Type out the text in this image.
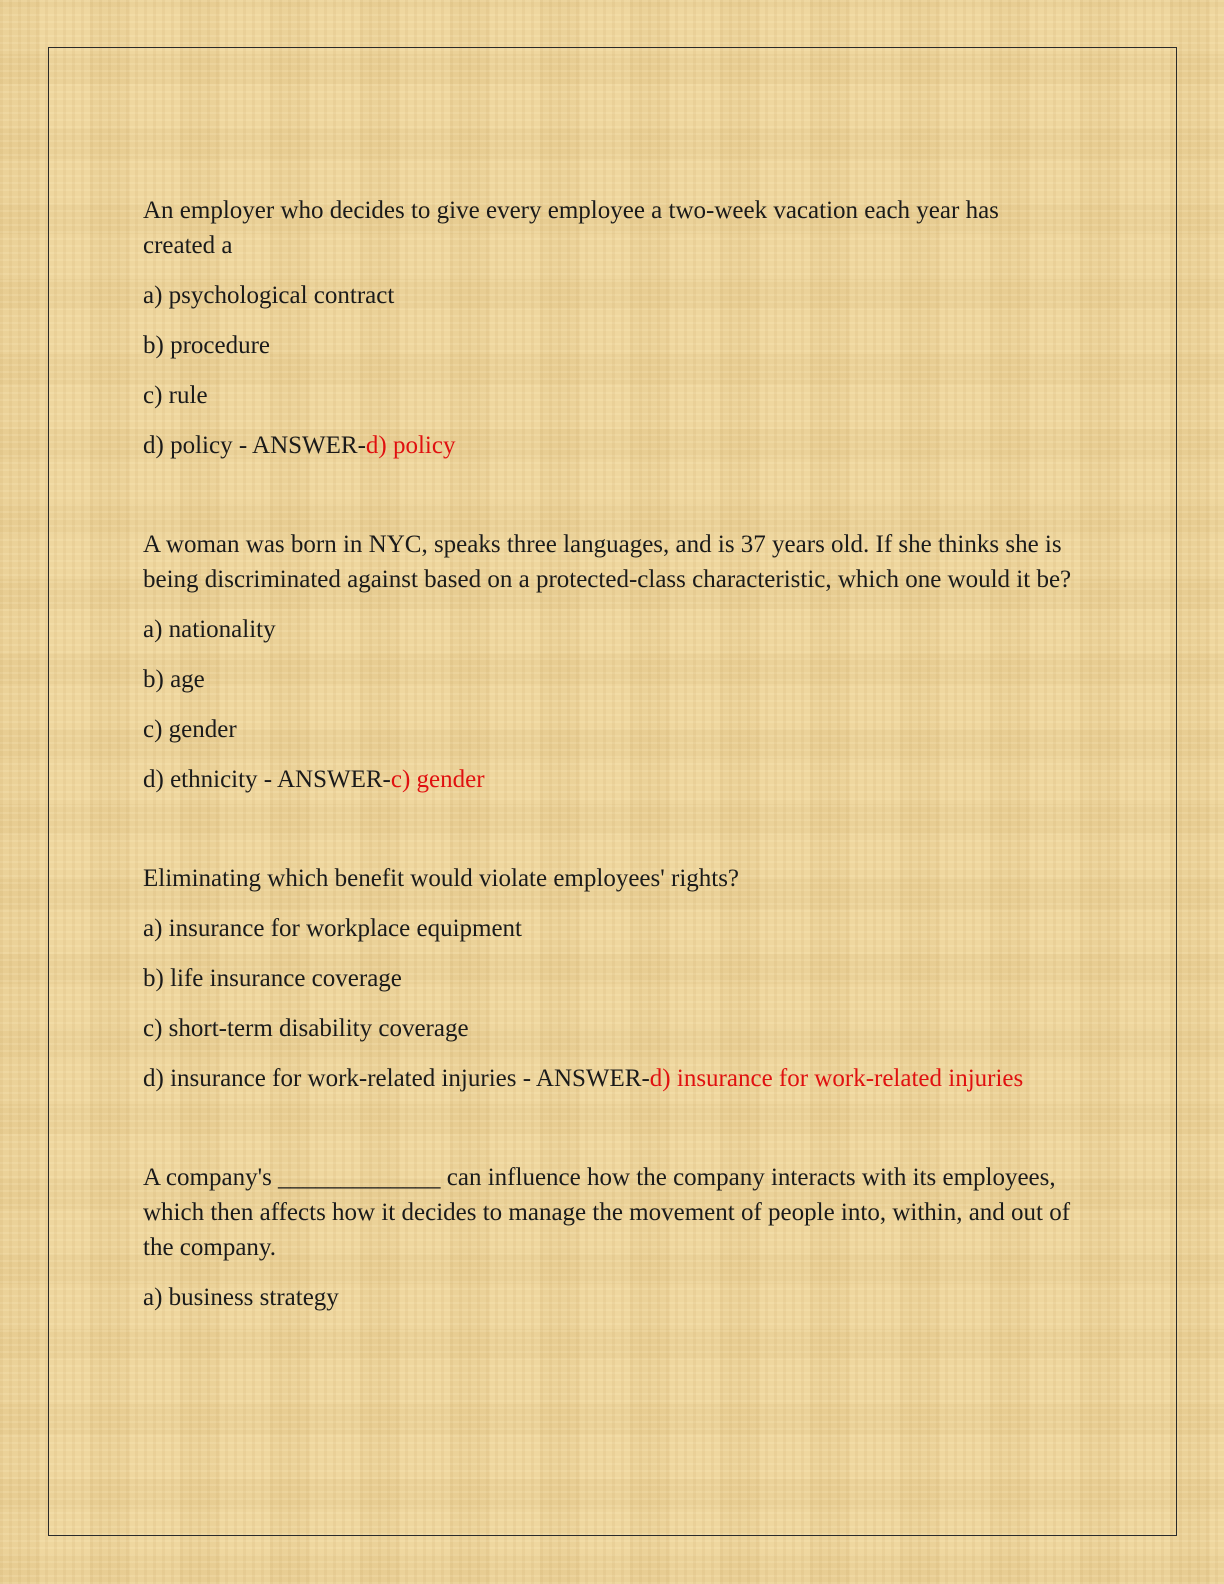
An employer who decides to give every employee a two-week vacation each year has created a

a) psychological contract

b) procedure

c) rule

d) policy - ANSWER-d) policy

A woman was born in NYC, speaks three languages, and is 37 years old. If she thinks she is being discriminated against based on a protected-class characteristic, which one would it be?

a) nationality

b) age

c) gender

d) ethnicity - ANSWER-c) gender

Eliminating which benefit would violate employees' rights?

a) insurance for workplace equipment

b) life insurance coverage

c) short-term disability coverage

d) insurance for work-related injuries - ANSWER-d) insurance for work-related injuries

A company's _____________ can influence how the company interacts with its employees, which then affects how it decides to manage the movement of people into, within, and out of the company.

a) business strategy
